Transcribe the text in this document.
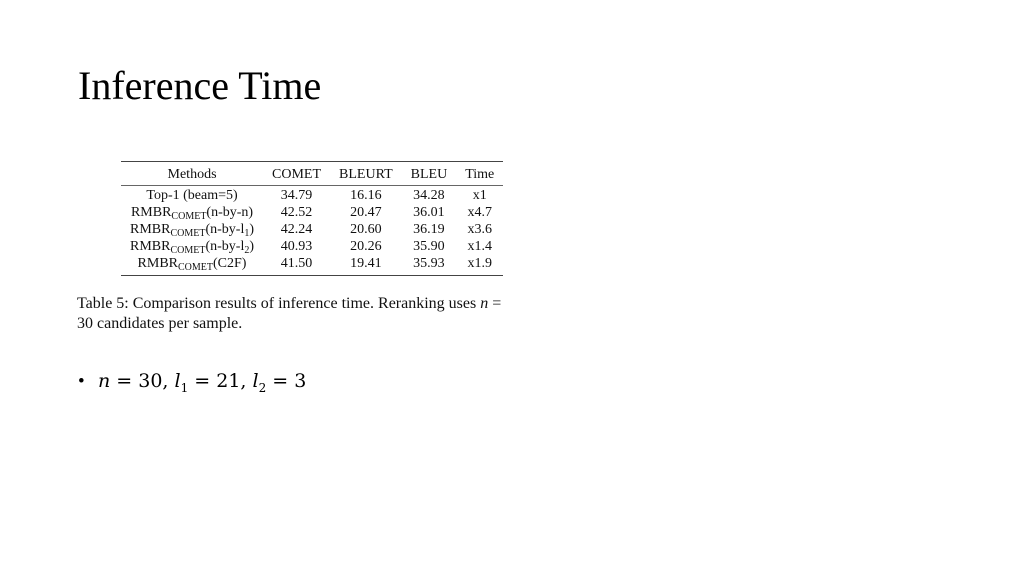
Inference Time
Methods	COMET	BLEURT	BLEU	Time
Top-1 (beam=5)	34.79	16.16	34.28	x1
$RMBR_{COMET}(n-by-n)$	42.52	20.47	36.01	x4.7
$RMBR_{COMET}(n-by-l_1)$	42.24	20.60	36.19	x3.6
$RMBR_{COMET}(n-by-l_2)$	40.93	20.26	35.90	x1.4
$RMBR_{COMET}(C2F)$	41.50	19.41	35.93	x1.9
Table 5: Comparison results of inference time. Reranking uses n =
30 candidates per sample.
• n = 30, $l_1 = 21$, $l_2 = 3$
